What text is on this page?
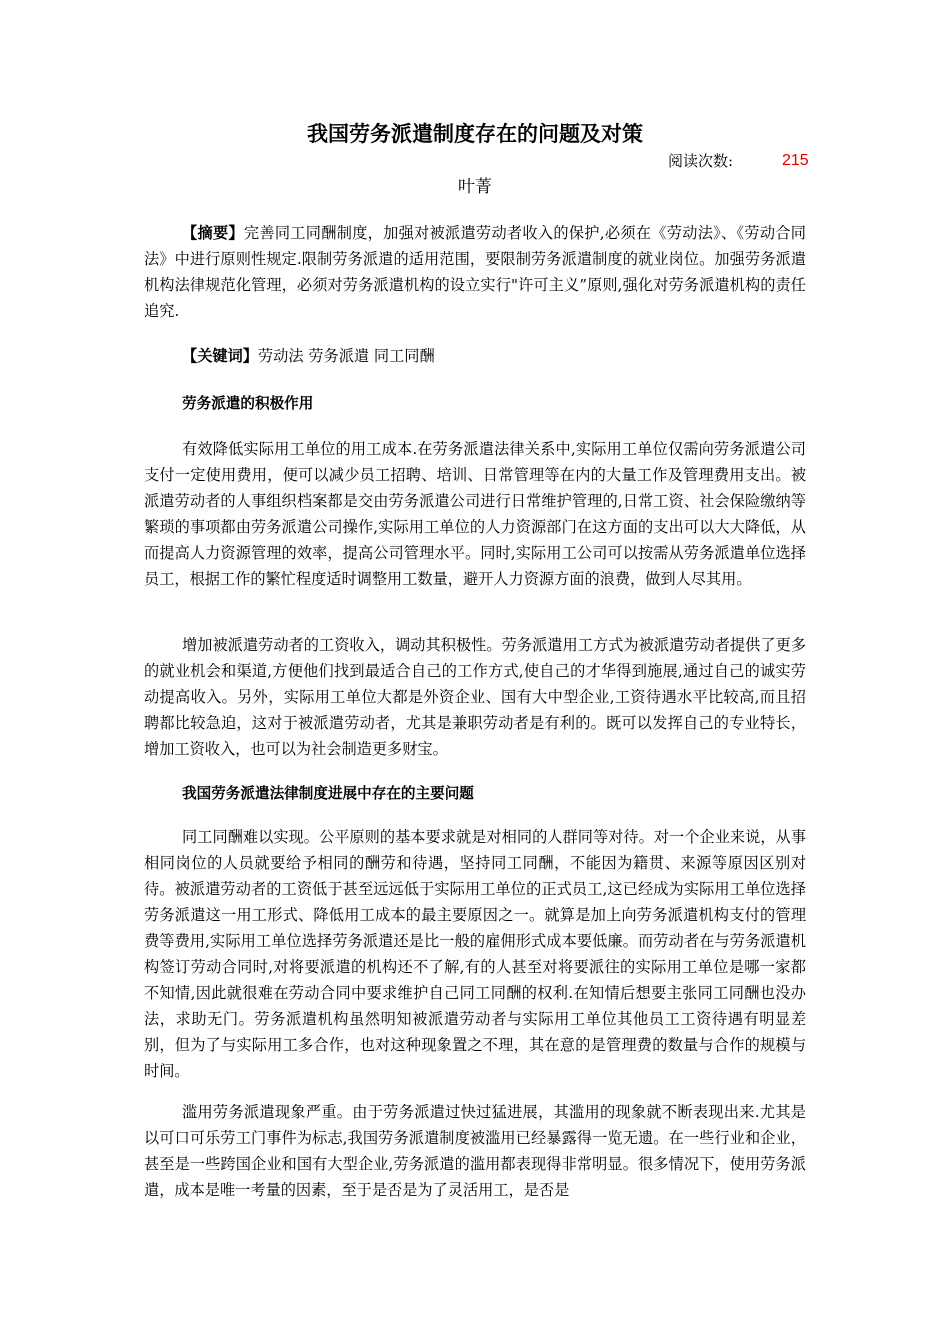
我国劳务派遣制度存在的问题及对策
阅读次数:	215
叶菁
【摘要】完善同工同酬制度，加强对被派遣劳动者收入的保护,必须在《劳动法》、《劳动合同法》中进行原则性规定.限制劳务派遣的适用范围，要限制劳务派遣制度的就业岗位。加强劳务派遣机构法律规范化管理，必须对劳务派遣机构的设立实行"许可主义”原则,强化对劳务派遣机构的责任追究.
【关键词】劳动法 劳务派遣 同工同酬
劳务派遣的积极作用
有效降低实际用工单位的用工成本.在劳务派遣法律关系中,实际用工单位仅需向劳务派遣公司支付一定使用费用，便可以减少员工招聘、培训、日常管理等在内的大量工作及管理费用支出。被派遣劳动者的人事组织档案都是交由劳务派遣公司进行日常维护管理的,日常工资、社会保险缴纳等繁琐的事项都由劳务派遣公司操作,实际用工单位的人力资源部门在这方面的支出可以大大降低，从而提高人力资源管理的效率，提高公司管理水平。同时,实际用工公司可以按需从劳务派遣单位选择员工，根据工作的繁忙程度适时调整用工数量，避开人力资源方面的浪费，做到人尽其用。
增加被派遣劳动者的工资收入，调动其积极性。劳务派遣用工方式为被派遣劳动者提供了更多的就业机会和渠道,方便他们找到最适合自己的工作方式,使自己的才华得到施展,通过自己的诚实劳动提高收入。另外，实际用工单位大都是外资企业、国有大中型企业,工资待遇水平比较高,而且招聘都比较急迫，这对于被派遣劳动者，尤其是兼职劳动者是有利的。既可以发挥自己的专业特长，增加工资收入，也可以为社会制造更多财宝。
我国劳务派遣法律制度进展中存在的主要问题
同工同酬难以实现。公平原则的基本要求就是对相同的人群同等对待。对一个企业来说，从事相同岗位的人员就要给予相同的酬劳和待遇，坚持同工同酬，不能因为籍贯、来源等原因区别对待。被派遣劳动者的工资低于甚至远远低于实际用工单位的正式员工,这已经成为实际用工单位选择劳务派遣这一用工形式、降低用工成本的最主要原因之一。就算是加上向劳务派遣机构支付的管理费等费用,实际用工单位选择劳务派遣还是比一般的雇佣形式成本要低廉。而劳动者在与劳务派遣机构签订劳动合同时,对将要派遣的机构还不了解,有的人甚至对将要派往的实际用工单位是哪一家都不知情,因此就很难在劳动合同中要求维护自己同工同酬的权利.在知情后想要主张同工同酬也没办法，求助无门。劳务派遣机构虽然明知被派遣劳动者与实际用工单位其他员工工资待遇有明显差别，但为了与实际用工多合作，也对这种现象置之不理，其在意的是管理费的数量与合作的规模与时间。
滥用劳务派遣现象严重。由于劳务派遣过快过猛进展，其滥用的现象就不断表现出来.尤其是以可口可乐劳工门事件为标志,我国劳务派遣制度被滥用已经暴露得一览无遗。在一些行业和企业，甚至是一些跨国企业和国有大型企业,劳务派遣的滥用都表现得非常明显。很多情况下，使用劳务派遣，成本是唯一考量的因素，至于是否是为了灵活用工，是否是
